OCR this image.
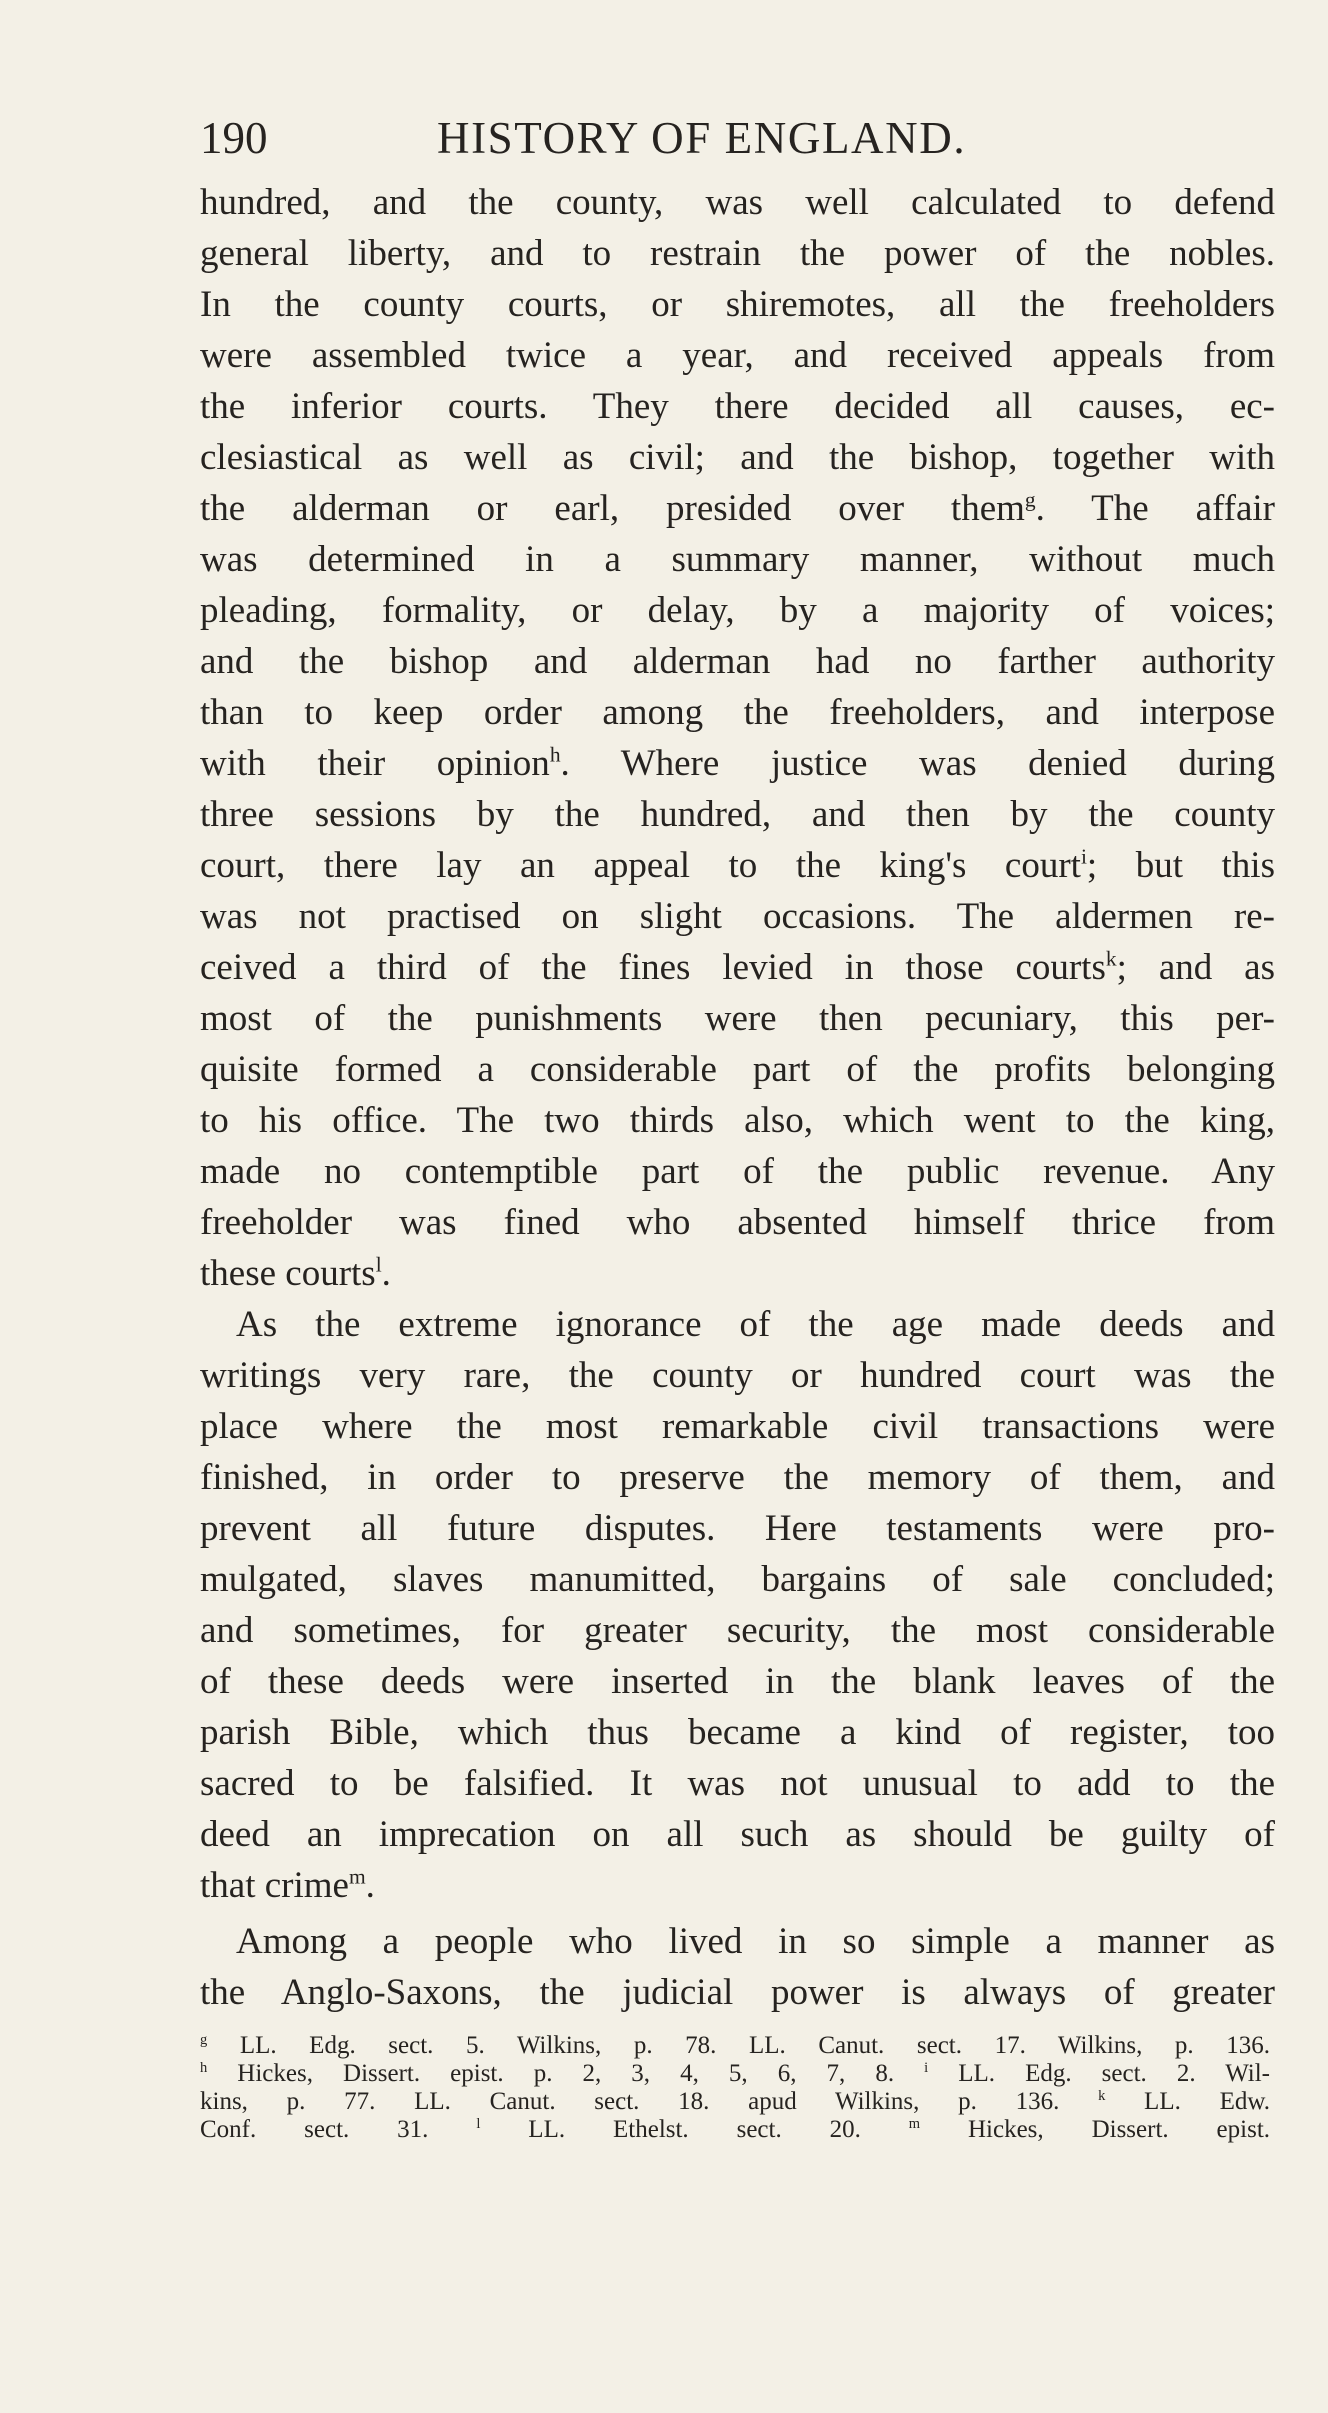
190	HISTORY OF ENGLAND.
hundred, and the county, was well calculated to defend
general liberty, and to restrain the power of the nobles.
In the county courts, or shiremotes, all the freeholders
were assembled twice a year, and received appeals from
the inferior courts. They there decided all causes, ec-
clesiastical as well as civil; and the bishop, together with
the alderman or earl, presided over them$^g$. The affair
was determined in a summary manner, without much
pleading, formality, or delay, by a majority of voices;
and the bishop and alderman had no farther authority
than to keep order among the freeholders, and interpose
with their opinion$^h$. Where justice was denied during
three sessions by the hundred, and then by the county
court, there lay an appeal to the king's court$^i$; but this
was not practised on slight occasions. The aldermen re-
ceived a third of the fines levied in those courts$^k$; and as
most of the punishments were then pecuniary, this per-
quisite formed a considerable part of the profits belonging
to his office. The two thirds also, which went to the king,
made no contemptible part of the public revenue. Any
freeholder was fined who absented himself thrice from
these courts$^l$.
As the extreme ignorance of the age made deeds and
writings very rare, the county or hundred court was the
place where the most remarkable civil transactions were
finished, in order to preserve the memory of them, and
prevent all future disputes. Here testaments were pro-
mulgated, slaves manumitted, bargains of sale concluded;
and sometimes, for greater security, the most considerable
of these deeds were inserted in the blank leaves of the
parish Bible, which thus became a kind of register, too
sacred to be falsified. It was not unusual to add to the
deed an imprecation on all such as should be guilty of
that crime$^m$.
Among a people who lived in so simple a manner as
the Anglo-Saxons, the judicial power is always of greater
$^g$ LL. Edg. sect. 5. Wilkins, p. 78. LL. Canut. sect. 17. Wilkins, p. 136.
$^h$ Hickes, Dissert. epist. p. 2, 3, 4, 5, 6, 7, 8. $^i$ LL. Edg. sect. 2. Wil-
kins, p. 77. LL. Canut. sect. 18. apud Wilkins, p. 136.	$^k$ LL. Edw.
Conf. sect. 31.	$^l$ LL. Ethelst. sect. 20.	$^m$ Hickes, Dissert. epist.
